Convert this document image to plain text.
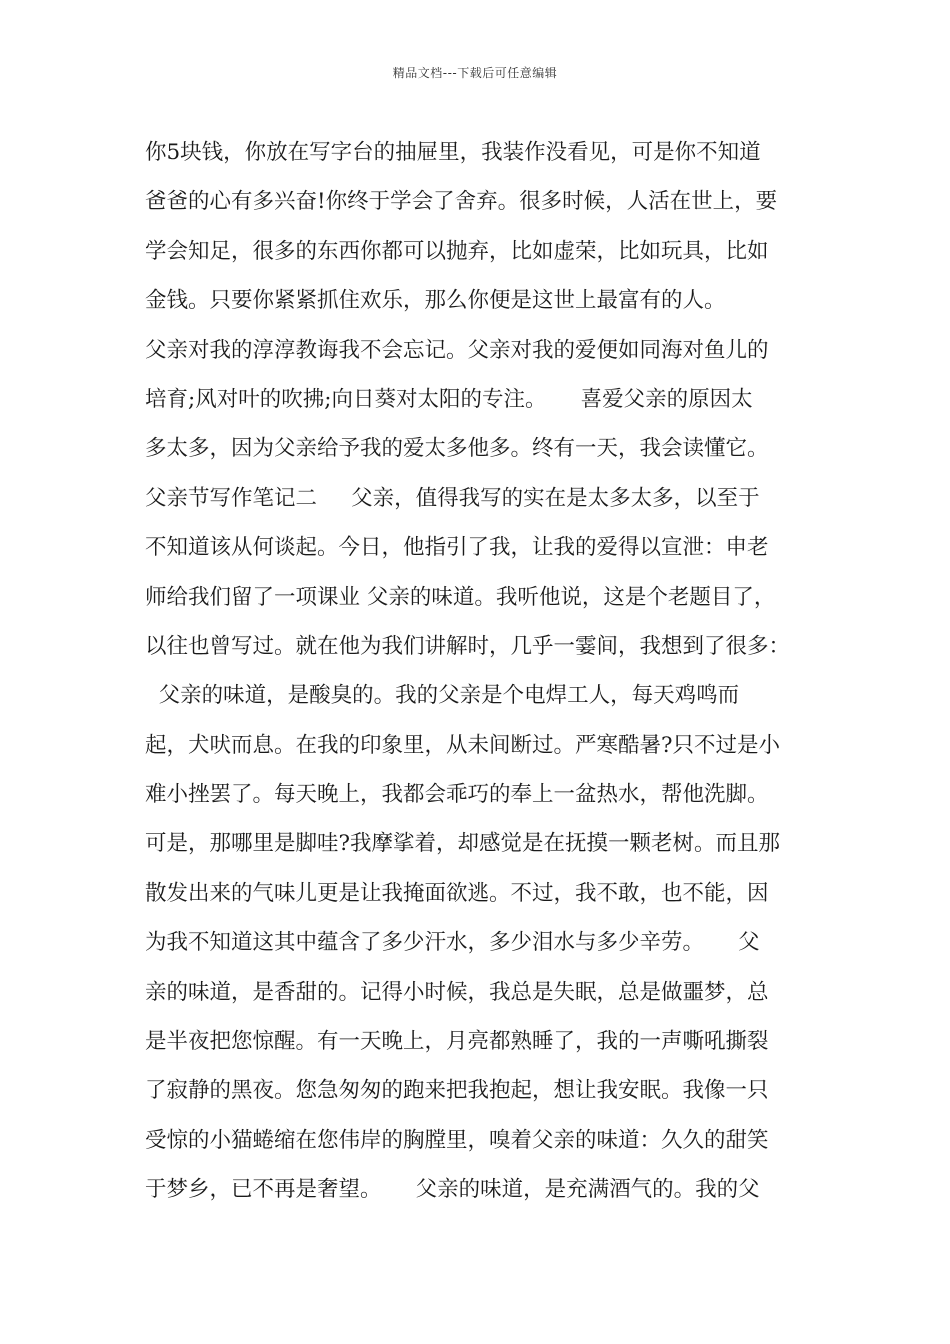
精品文档---下载后可任意编辑
你5块钱，你放在写字台的抽屉里，我装作没看见，可是你不知道
爸爸的心有多兴奋!你终于学会了舍弃。很多时候，人活在世上，要
学会知足，很多的东西你都可以抛弃，比如虚荣，比如玩具，比如
金钱。只要你紧紧抓住欢乐，那么你便是这世上最富有的人。
父亲对我的淳淳教诲我不会忘记。父亲对我的爱便如同海对鱼儿的
培育;风对叶的吹拂;向日葵对太阳的专注。     喜爱父亲的原因太
多太多，因为父亲给予我的爱太多他多。终有一天，我会读懂它。
父亲节写作笔记二     父亲，值得我写的实在是太多太多，以至于
不知道该从何谈起。今日，他指引了我，让我的爱得以宣泄：申老
师给我们留了一项课业 父亲的味道。我听他说，这是个老题目了，
以往也曾写过。就在他为我们讲解时，几乎一霎间，我想到了很多：
父亲的味道，是酸臭的。我的父亲是个电焊工人，每天鸡鸣而
起，犬吠而息。在我的印象里，从未间断过。严寒酷暑?只不过是小
难小挫罢了。每天晚上，我都会乖巧的奉上一盆热水，帮他洗脚。
可是，那哪里是脚哇?我摩挲着，却感觉是在抚摸一颗老树。而且那
散发出来的气味儿更是让我掩面欲逃。不过，我不敢，也不能，因
为我不知道这其中蕴含了多少汗水，多少泪水与多少辛劳。     父
亲的味道，是香甜的。记得小时候，我总是失眠，总是做噩梦，总
是半夜把您惊醒。有一天晚上，月亮都熟睡了，我的一声嘶吼撕裂
了寂静的黑夜。您急匆匆的跑来把我抱起，想让我安眠。我像一只
受惊的小猫蜷缩在您伟岸的胸膛里，嗅着父亲的味道：久久的甜笑
于梦乡，已不再是奢望。     父亲的味道，是充满酒气的。我的父
